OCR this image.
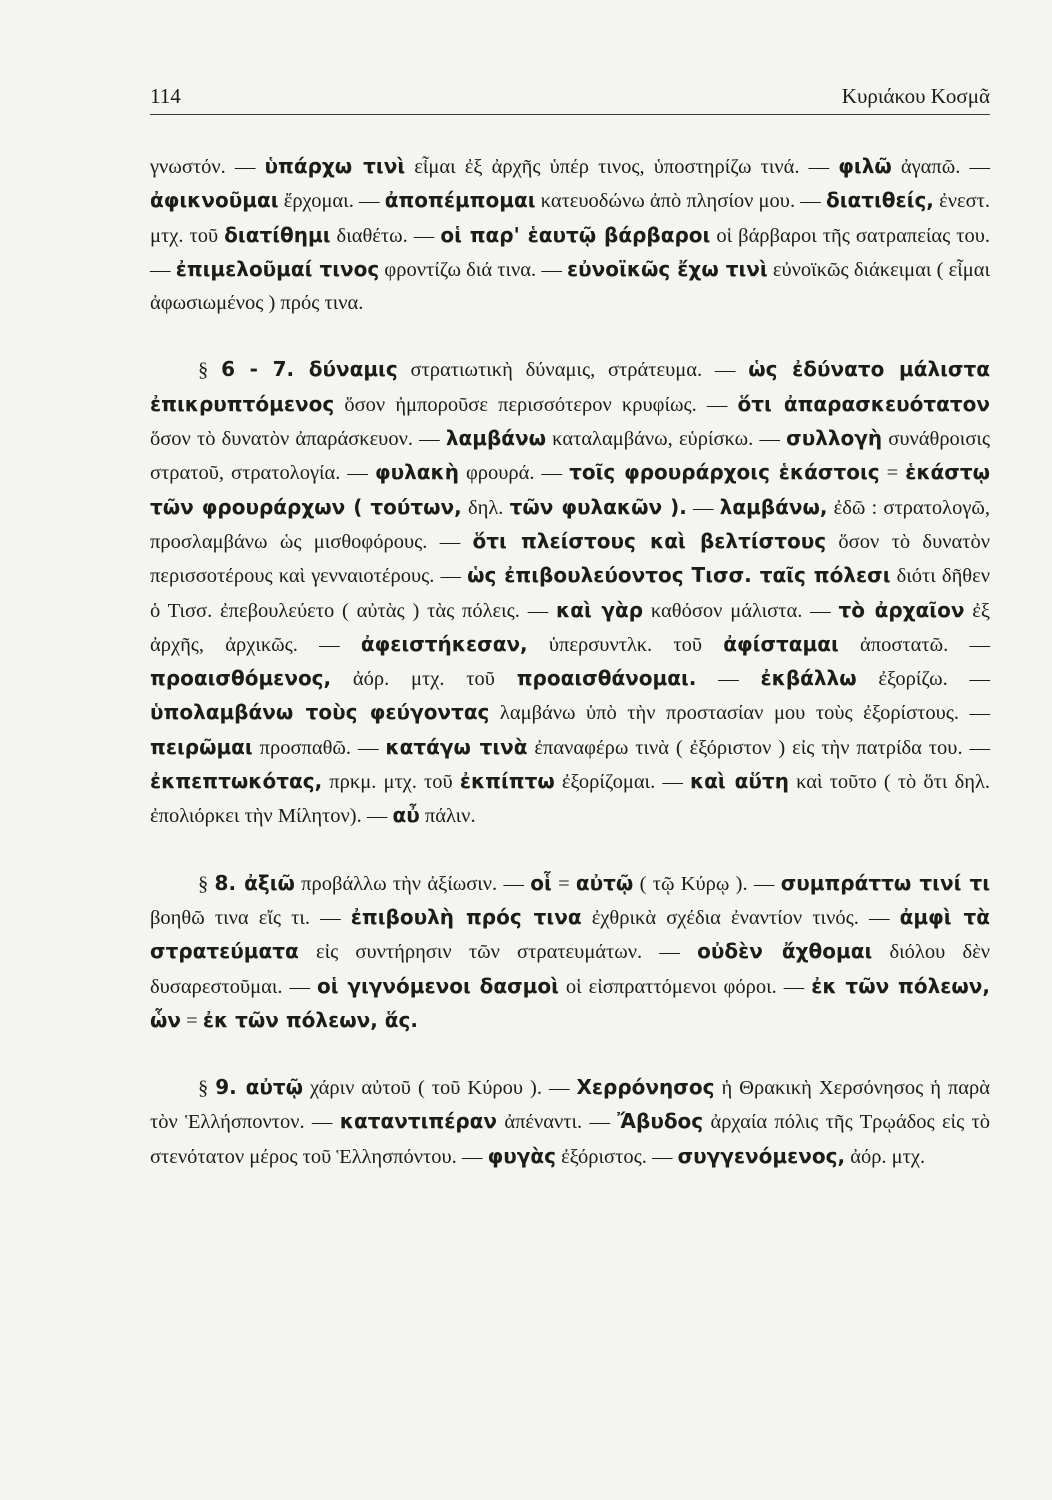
114	Κυριάκου Κοσμᾶ

γνωστόν. — ὑπάρχω τινὶ εἶμαι ἐξ ἀρχῆς ὑπέρ τινος, ὑποστηρίζω τινά. — φιλῶ ἀγαπῶ. — ἀφικνοῦμαι ἔρχομαι. — ἀποπέμπομαι κατευοδώνω ἀπὸ πλησίον μου. — διατιθείς, ἐνεστ. μτχ. τοῦ διατίθημι διαθέτω. — οἱ παρ' ἑαυτῷ βάρβαροι οἱ βάρβαροι τῆς σατραπείας του. — ἐπιμελοῦμαί τινος φροντίζω διά τινα. — εὐνοϊκῶς ἔχω τινὶ εὐνοϊκῶς διάκειμαι ( εἶμαι ἀφωσιωμένος ) πρός τινα.

§ 6 - 7. δύναμις στρατιωτικὴ δύναμις, στράτευμα. — ὡς ἐδύνατο μάλιστα ἐπικρυπτόμενος ὅσον ἠμποροῦσε περισσότερον κρυφίως. — ὅτι ἀπαρασκευότατον ὅσον τὸ δυνατὸν ἀπαράσκευον. — λαμβάνω καταλαμβάνω, εὑρίσκω. — συλλογὴ συνάθροισις στρατοῦ, στρατολογία. — φυλακὴ φρουρά. — τοῖς φρουράρχοις ἑκάστοις = ἑκάστῳ τῶν φρουράρχων ( τούτων, δηλ. τῶν φυλακῶν ). — λαμβάνω, ἐδῶ : στρατολογῶ, προσλαμβάνω ὡς μισθοφόρους. — ὅτι πλείστους καὶ βελτίστους ὅσον τὸ δυνατὸν περισσοτέρους καὶ γενναιοτέρους. — ὡς ἐπιβουλεύοντος Τισσ. ταῖς πόλεσι διότι δῆθεν ὁ Τισσ. ἐπεβουλεύετο ( αὐτὰς ) τὰς πόλεις. — καὶ γὰρ καθόσον μάλιστα. — τὸ ἀρχαῖον ἐξ ἀρχῆς, ἀρχικῶς. — ἀφειστήκεσαν, ὑπερσυντλκ. τοῦ ἀφίσταμαι ἀποστατῶ. — προαισθόμενος, ἀόρ. μτχ. τοῦ προαισθάνομαι. — ἐκβάλλω ἐξορίζω. — ὑπολαμβάνω τοὺς φεύγοντας λαμβάνω ὑπὸ τὴν προστασίαν μου τοὺς ἐξορίστους. — πειρῶμαι προσπαθῶ. — κατάγω τινὰ ἐπαναφέρω τινὰ ( ἐξόριστον ) εἰς τὴν πατρίδα του. — ἐκπεπτωκότας, πρκμ. μτχ. τοῦ ἐκπίπτω ἐξορίζομαι. — καὶ αὕτη καὶ τοῦτο ( τὸ ὅτι δηλ. ἐπολιόρκει τὴν Μίλητον). — αὖ πάλιν.

§ 8. ἀξιῶ προβάλλω τὴν ἀξίωσιν. — οἷ = αὐτῷ ( τῷ Κύρῳ ). — συμπράττω τινί τι βοηθῶ τινα εἴς τι. — ἐπιβουλὴ πρός τινα ἐχθρικὰ σχέδια ἐναντίον τινός. — ἀμφὶ τὰ στρατεύματα εἰς συντήρησιν τῶν στρατευμάτων. — οὐδὲν ἄχθομαι διόλου δὲν δυσαρεστοῦμαι. — οἱ γιγνόμενοι δασμοὶ οἱ εἰσπραττόμενοι φόροι. — ἐκ τῶν πόλεων, ὧν = ἐκ τῶν πόλεων, ἅς.

§ 9. αὐτῷ χάριν αὐτοῦ ( τοῦ Κύρου ). — Χερρόνησος ἡ Θρακικὴ Χερσόνησος ἡ παρὰ τὸν Ἑλλήσποντον. — καταντιπέραν ἀπέναντι. — Ἄβυδος ἀρχαία πόλις τῆς Τρῳάδος εἰς τὸ στενότατον μέρος τοῦ Ἑλλησπόντου. — φυγὰς ἐξόριστος. — συγγενόμενος, ἀόρ. μτχ.
